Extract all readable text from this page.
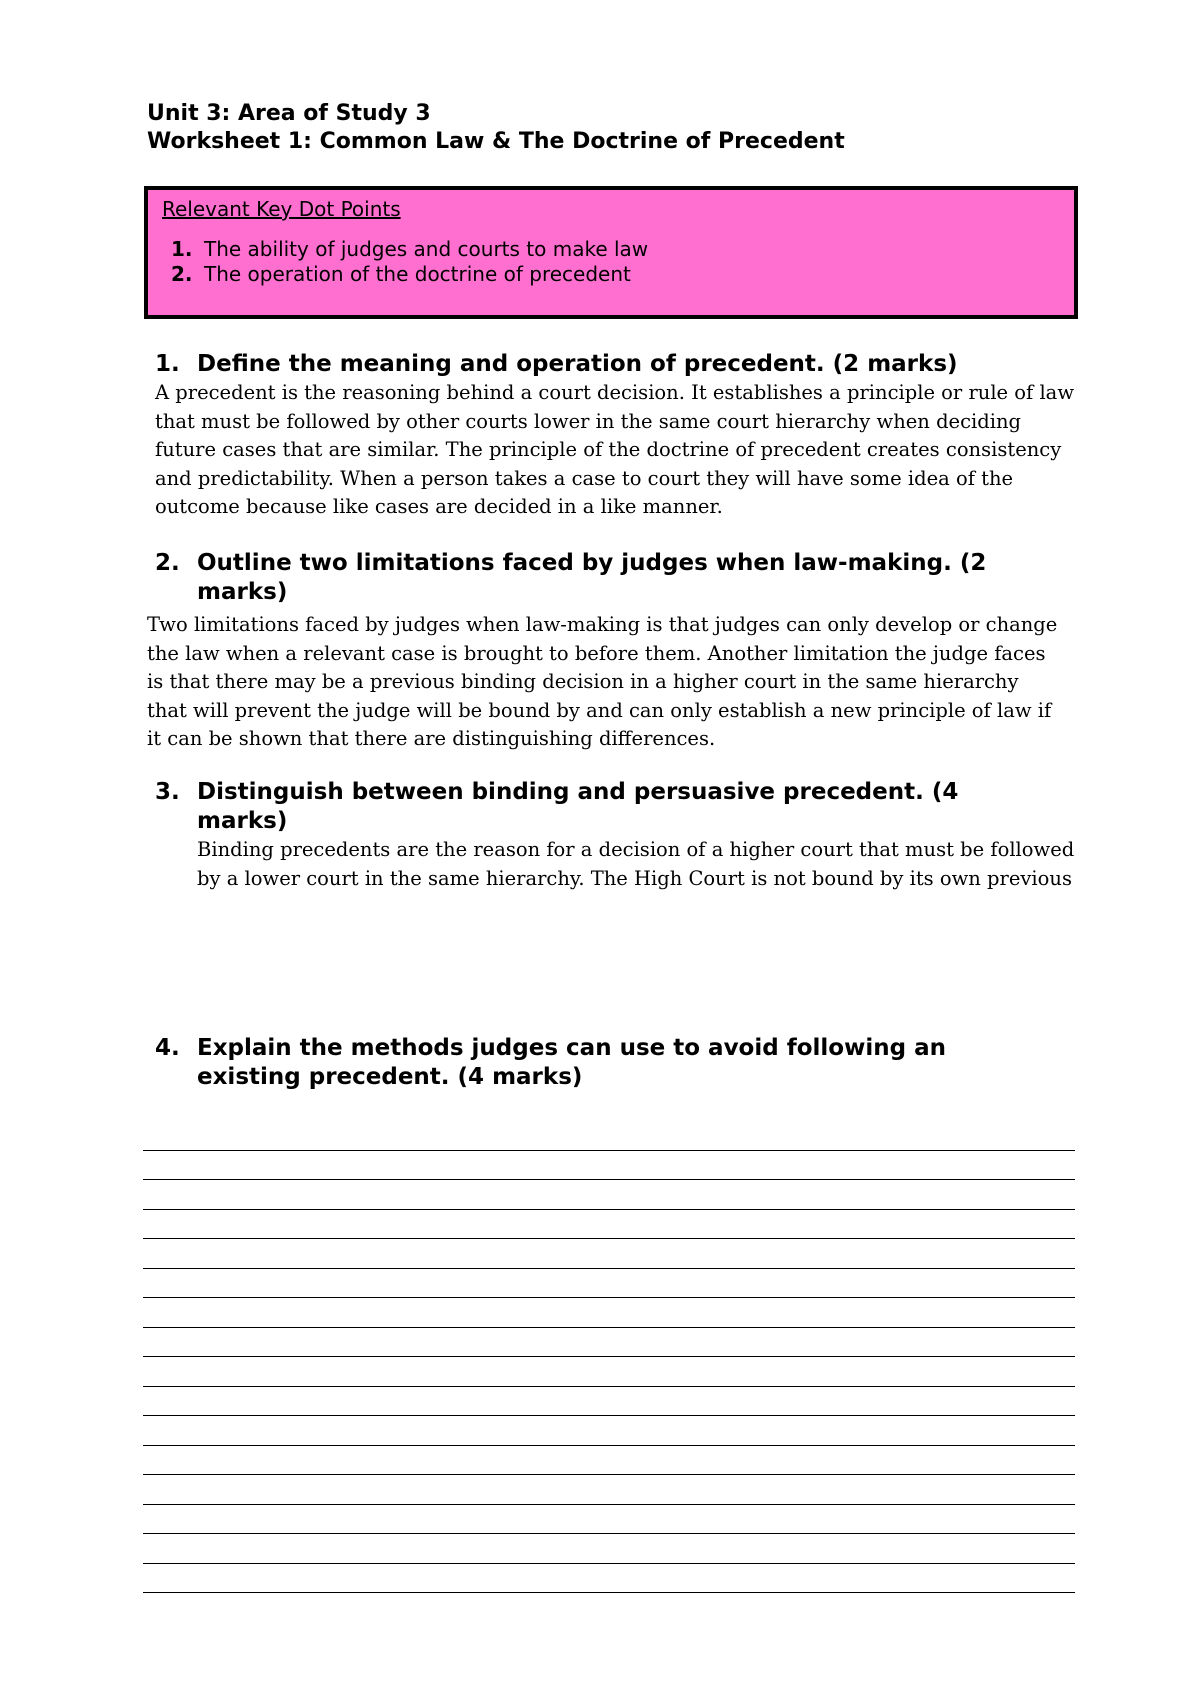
Unit 3: Area of Study 3
Worksheet 1: Common Law & The Doctrine of Precedent
Relevant Key Dot Points
1. The ability of judges and courts to make law
2. The operation of the doctrine of precedent
1. Define the meaning and operation of precedent. (2 marks)

A precedent is the reasoning behind a court decision. It establishes a principle or rule of law that must be followed by other courts lower in the same court hierarchy when deciding future cases that are similar. The principle of the doctrine of precedent creates consistency and predictability. When a person takes a case to court they will have some idea of the outcome because like cases are decided in a like manner.

2. Outline two limitations faced by judges when law-making. (2 marks)

Two limitations faced by judges when law-making is that judges can only develop or change the law when a relevant case is brought to before them. Another limitation the judge faces is that there may be a previous binding decision in a higher court in the same hierarchy that will prevent the judge will be bound by and can only establish a new principle of law if it can be shown that there are distinguishing differences.

3. Distinguish between binding and persuasive precedent. (4 marks)

Binding precedents are the reason for a decision of a higher court that must be followed by a lower court in the same hierarchy. The High Court is not bound by its own previous

4. Explain the methods judges can use to avoid following an existing precedent. (4 marks)
